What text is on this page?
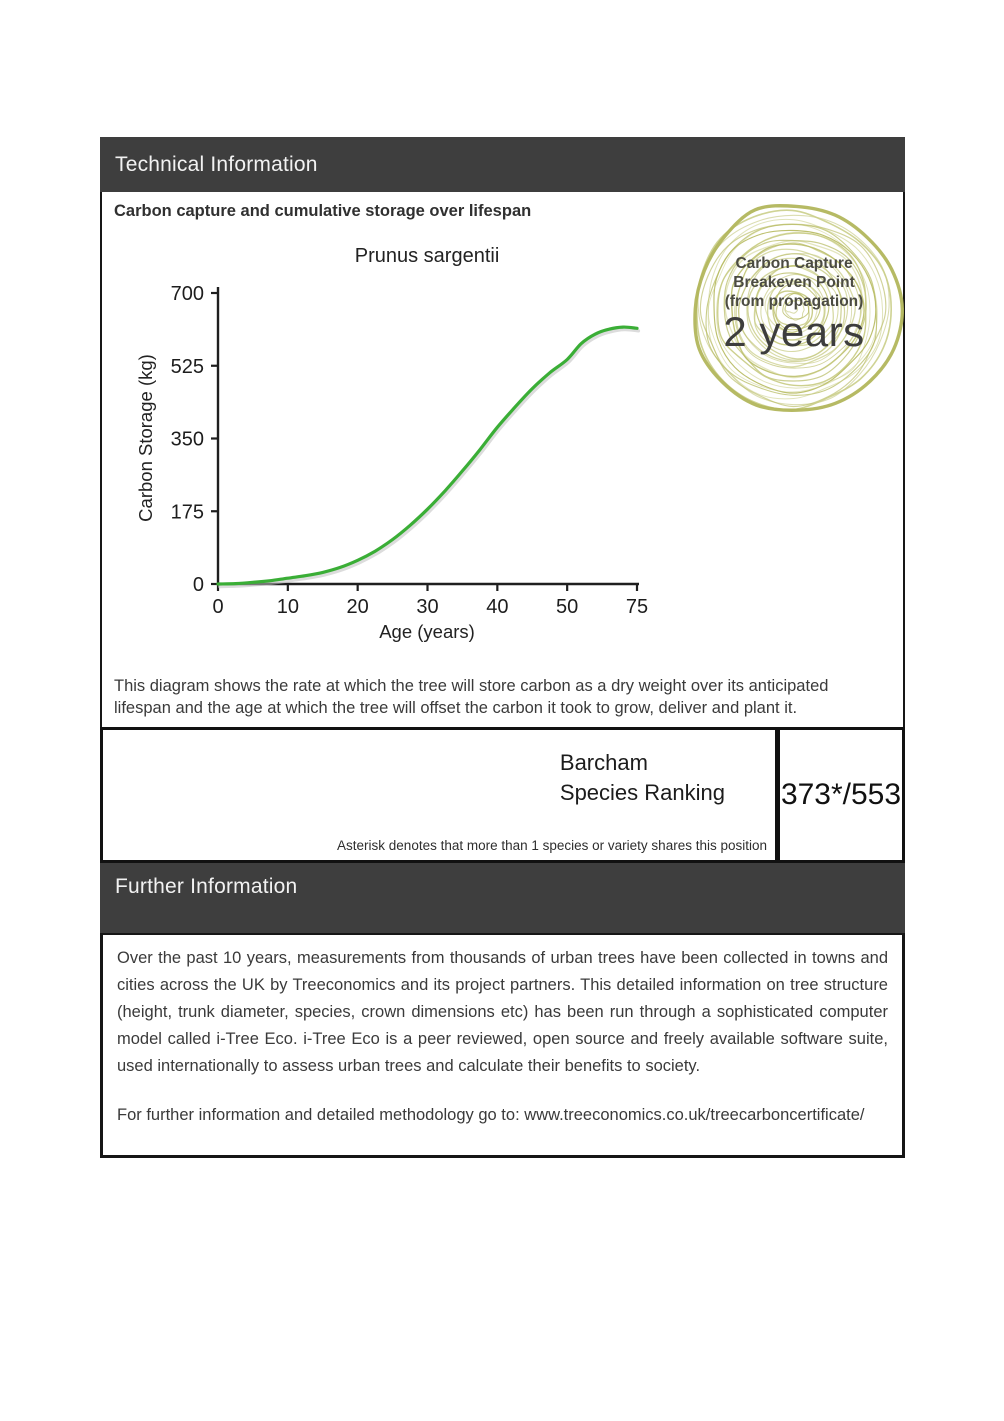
Technical Information
Carbon capture and cumulative storage over lifespan
Prunus sargentii
Carbon Storage (kg)
Age (years)
0
175
350
525
700
0	10 20 30 40 50 75
Carbon Capture
Breakeven Point
(from propagation)
2 years
This diagram shows the rate at which the tree will store carbon as a dry weight over its anticipated lifespan and the age at which the tree will offset the carbon it took to grow, deliver and plant it.
Barcham
Species Ranking
Asterisk denotes that more than 1 species or variety shares this position
373*/553
Further Information
Over the past 10 years, measurements from thousands of urban trees have been collected in towns and cities across the UK by Treeconomics and its project partners. This detailed information on tree structure (height, trunk diameter, species, crown dimensions etc) has been run through a sophisticated computer model called i-Tree Eco. i-Tree Eco is a peer reviewed, open source and freely available software suite, used internationally to assess urban trees and calculate their benefits to society.
For further information and detailed methodology go to: www.treeconomics.co.uk/treecarboncertificate/
